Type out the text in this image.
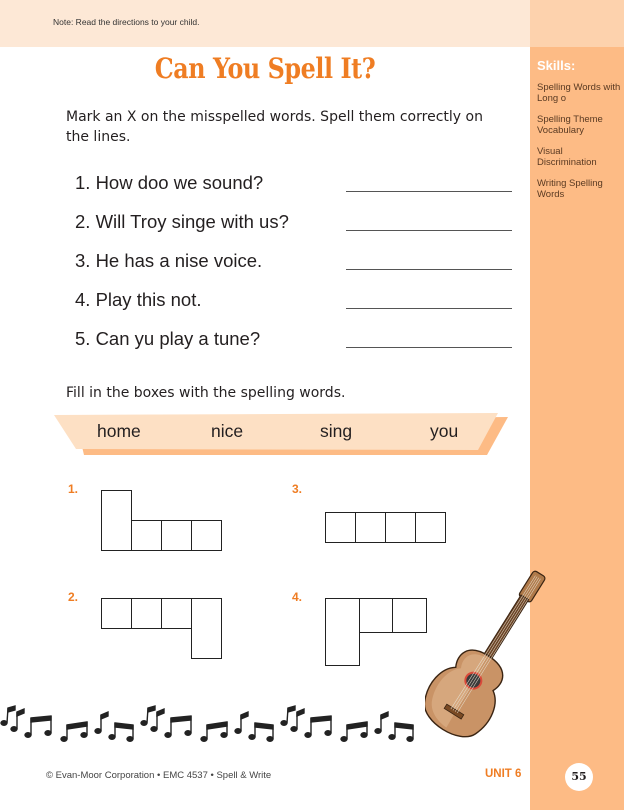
Note: Read the directions to your child.
Skills:
Spelling Words with Long o
Spelling Theme Vocabulary
Visual Discrimination
Writing Spelling Words
Can You Spell It?
Mark an X on the misspelled words. Spell them correctly on the lines.
1. How doo we sound?
2. Will Troy singe with us?
3. He has a nise voice.
4. Play this not.
5. Can yu play a tune?
Fill in the boxes with the spelling words.
home	nice	sing	you
1.
2.
3.
4.
© Evan-Moor Corporation • EMC 4537 • Spell & Write	UNIT 6	55
